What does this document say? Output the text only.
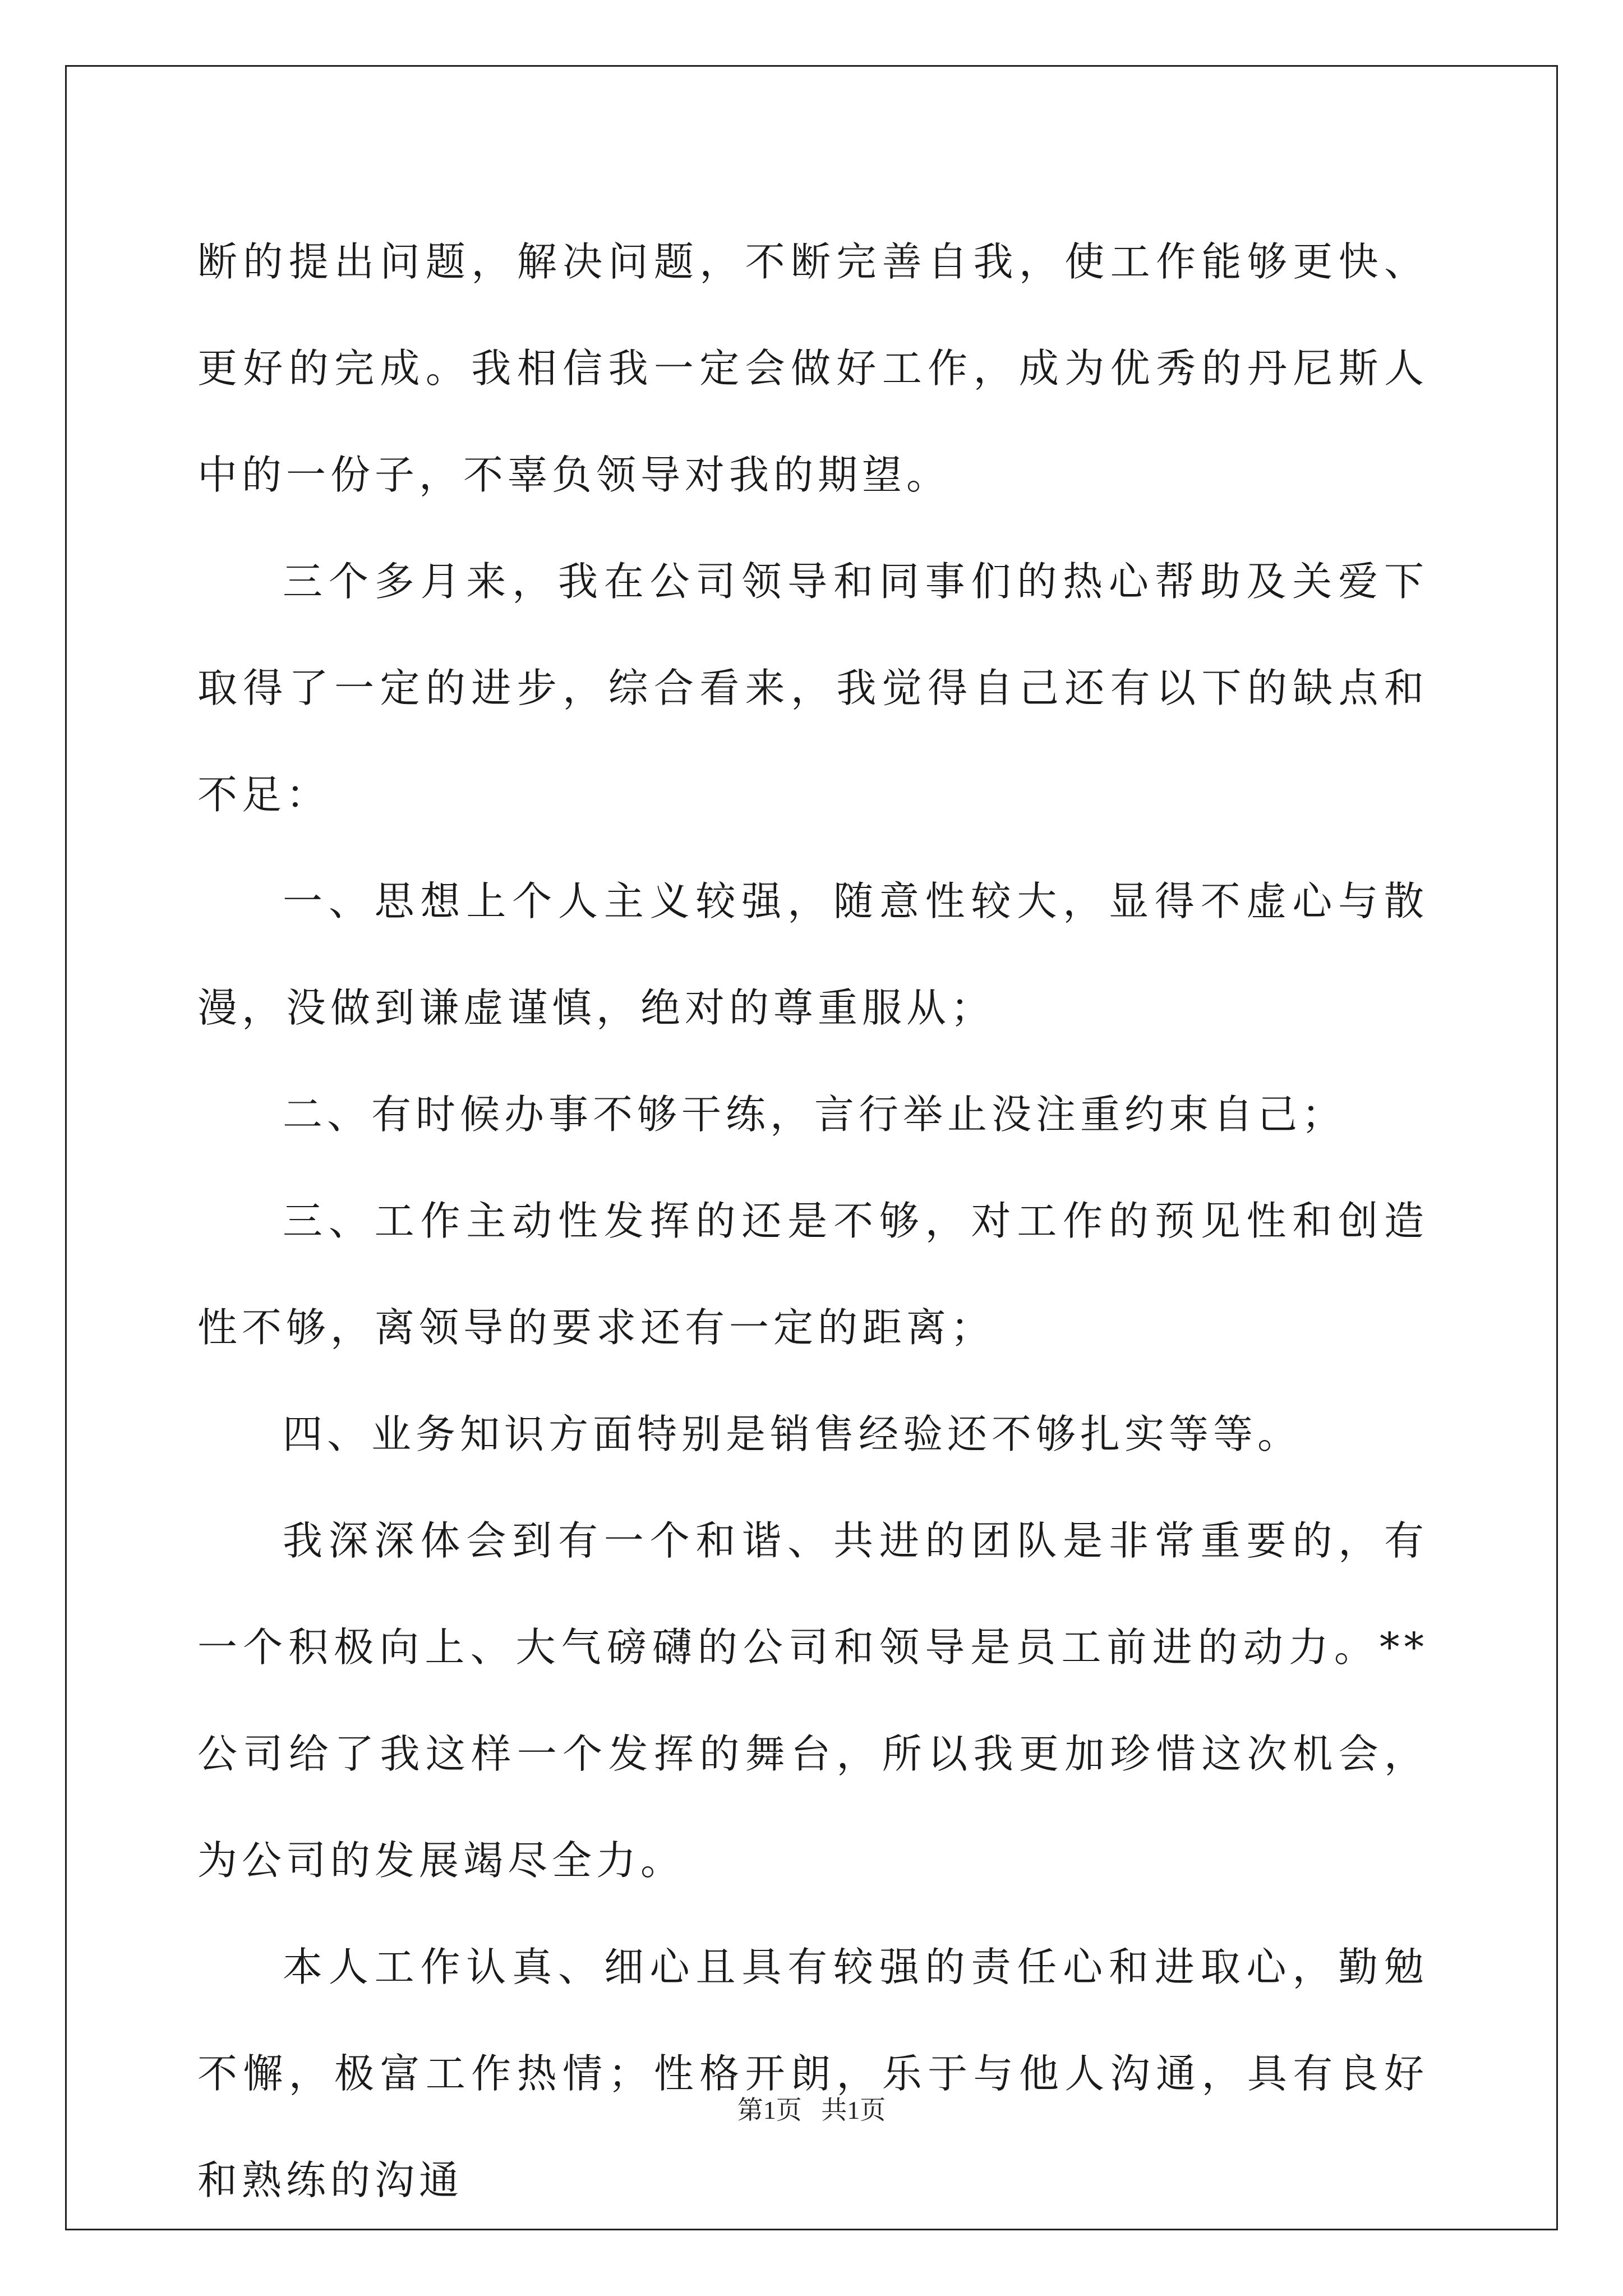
断的提出问题，解决问题，不断完善自我，使工作能够更快、更好的完成。我相信我一定会做好工作，成为优秀的丹尼斯人中的一份子，不辜负领导对我的期望。

三个多月来，我在公司领导和同事们的热心帮助及关爱下取得了一定的进步，综合看来，我觉得自己还有以下的缺点和不足：

一、思想上个人主义较强，随意性较大，显得不虚心与散漫，没做到谦虚谨慎，绝对的尊重服从；

二、有时候办事不够干练，言行举止没注重约束自己；

三、工作主动性发挥的还是不够，对工作的预见性和创造性不够，离领导的要求还有一定的距离；

四、业务知识方面特别是销售经验还不够扎实等等。

我深深体会到有一个和谐、共进的团队是非常重要的，有一个积极向上、大气磅礴的公司和领导是员工前进的动力。**公司给了我这样一个发挥的舞台，所以我更加珍惜这次机会，为公司的发展竭尽全力。

本人工作认真、细心且具有较强的责任心和进取心，勤勉不懈，极富工作热情；性格开朗，乐于与他人沟通，具有良好和熟练的沟通

第1页   共1页
